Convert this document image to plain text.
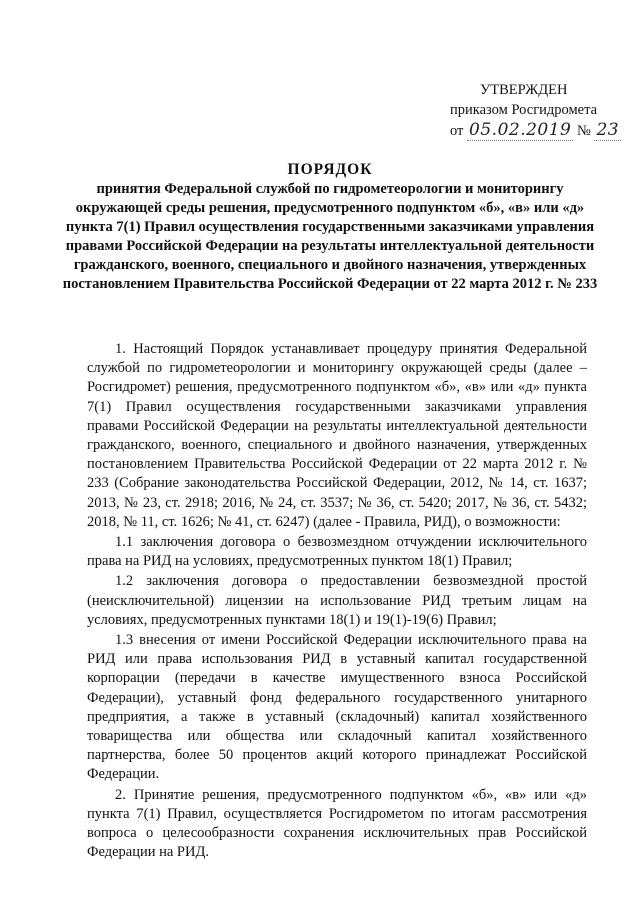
УТВЕРЖДЕН
приказом Росгидромета
от 05.02.2019 № 23
ПОРЯДОК
принятия Федеральной службой по гидрометеорологии и мониторингу окружающей среды решения, предусмотренного подпунктом «б», «в» или «д» пункта 7(1) Правил осуществления государственными заказчиками управления правами Российской Федерации на результаты интеллектуальной деятельности гражданского, военного, специального и двойного назначения, утвержденных постановлением Правительства Российской Федерации от 22 марта 2012 г. № 233

1. Настоящий Порядок устанавливает процедуру принятия Федеральной службой по гидрометеорологии и мониторингу окружающей среды (далее – Росгидромет) решения, предусмотренного подпунктом «б», «в» или «д» пункта 7(1) Правил осуществления государственными заказчиками управления правами Российской Федерации на результаты интеллектуальной деятельности гражданского, военного, специального и двойного назначения, утвержденных постановлением Правительства Российской Федерации от 22 марта 2012 г. № 233 (Собрание законодательства Российской Федерации, 2012, № 14, ст. 1637; 2013, № 23, ст. 2918; 2016, № 24, ст. 3537; № 36, ст. 5420; 2017, № 36, ст. 5432; 2018, № 11, ст. 1626; № 41, ст. 6247) (далее - Правила, РИД), о возможности:

1.1 заключения договора о безвозмездном отчуждении исключительного права на РИД на условиях, предусмотренных пунктом 18(1) Правил;

1.2 заключения договора о предоставлении безвозмездной простой (неисключительной) лицензии на использование РИД третьим лицам на условиях, предусмотренных пунктами 18(1) и 19(1)-19(6) Правил;

1.3 внесения от имени Российской Федерации исключительного права на РИД или права использования РИД в уставный капитал государственной корпорации (передачи в качестве имущественного взноса Российской Федерации), уставный фонд федерального государственного унитарного предприятия, а также в уставный (складочный) капитал хозяйственного товарищества или общества или складочный капитал хозяйственного партнерства, более 50 процентов акций которого принадлежат Российской Федерации.

2. Принятие решения, предусмотренного подпунктом «б», «в» или «д» пункта 7(1) Правил, осуществляется Росгидрометом по итогам рассмотрения вопроса о целесообразности сохранения исключительных прав Российской Федерации на РИД.
